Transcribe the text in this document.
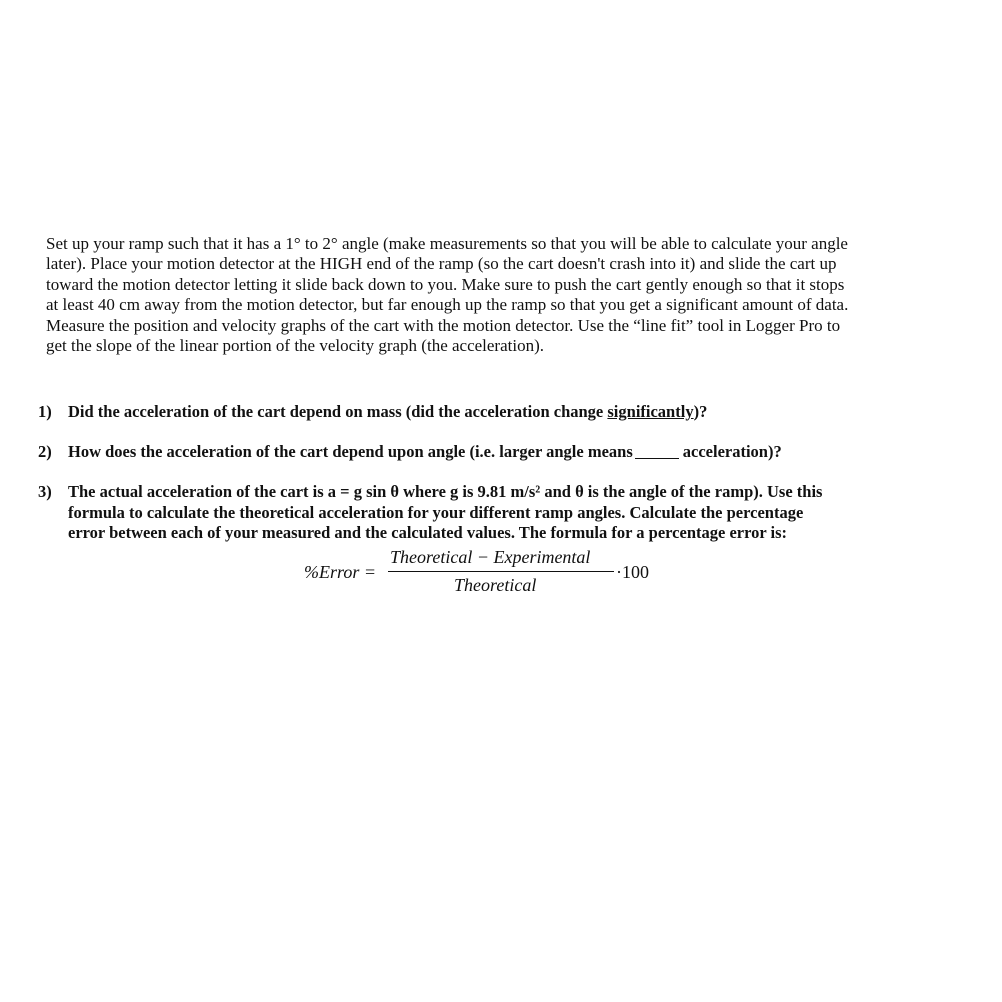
Set up your ramp such that it has a 1° to 2° angle (make measurements so that you will be able to calculate your angle
later). Place your motion detector at the HIGH end of the ramp (so the cart doesn't crash into it) and slide the cart up
toward the motion detector letting it slide back down to you. Make sure to push the cart gently enough so that it stops
at least 40 cm away from the motion detector, but far enough up the ramp so that you get a significant amount of data.
Measure the position and velocity graphs of the cart with the motion detector. Use the “line fit” tool in Logger Pro to
get the slope of the linear portion of the velocity graph (the acceleration).
1) Did the acceleration of the cart depend on mass (did the acceleration change significantly)?
2) How does the acceleration of the cart depend upon angle (i.e. larger angle means	acceleration)?
3) The actual acceleration of the cart is a = g sin θ where g is 9.81 m/s² and θ is the angle of the ramp). Use this
formula to calculate the theoretical acceleration for your different ramp angles. Calculate the percentage
error between each of your measured and the calculated values. The formula for a percentage error is:
%Error =
Theoretical − Experimental
Theoretical
·100
